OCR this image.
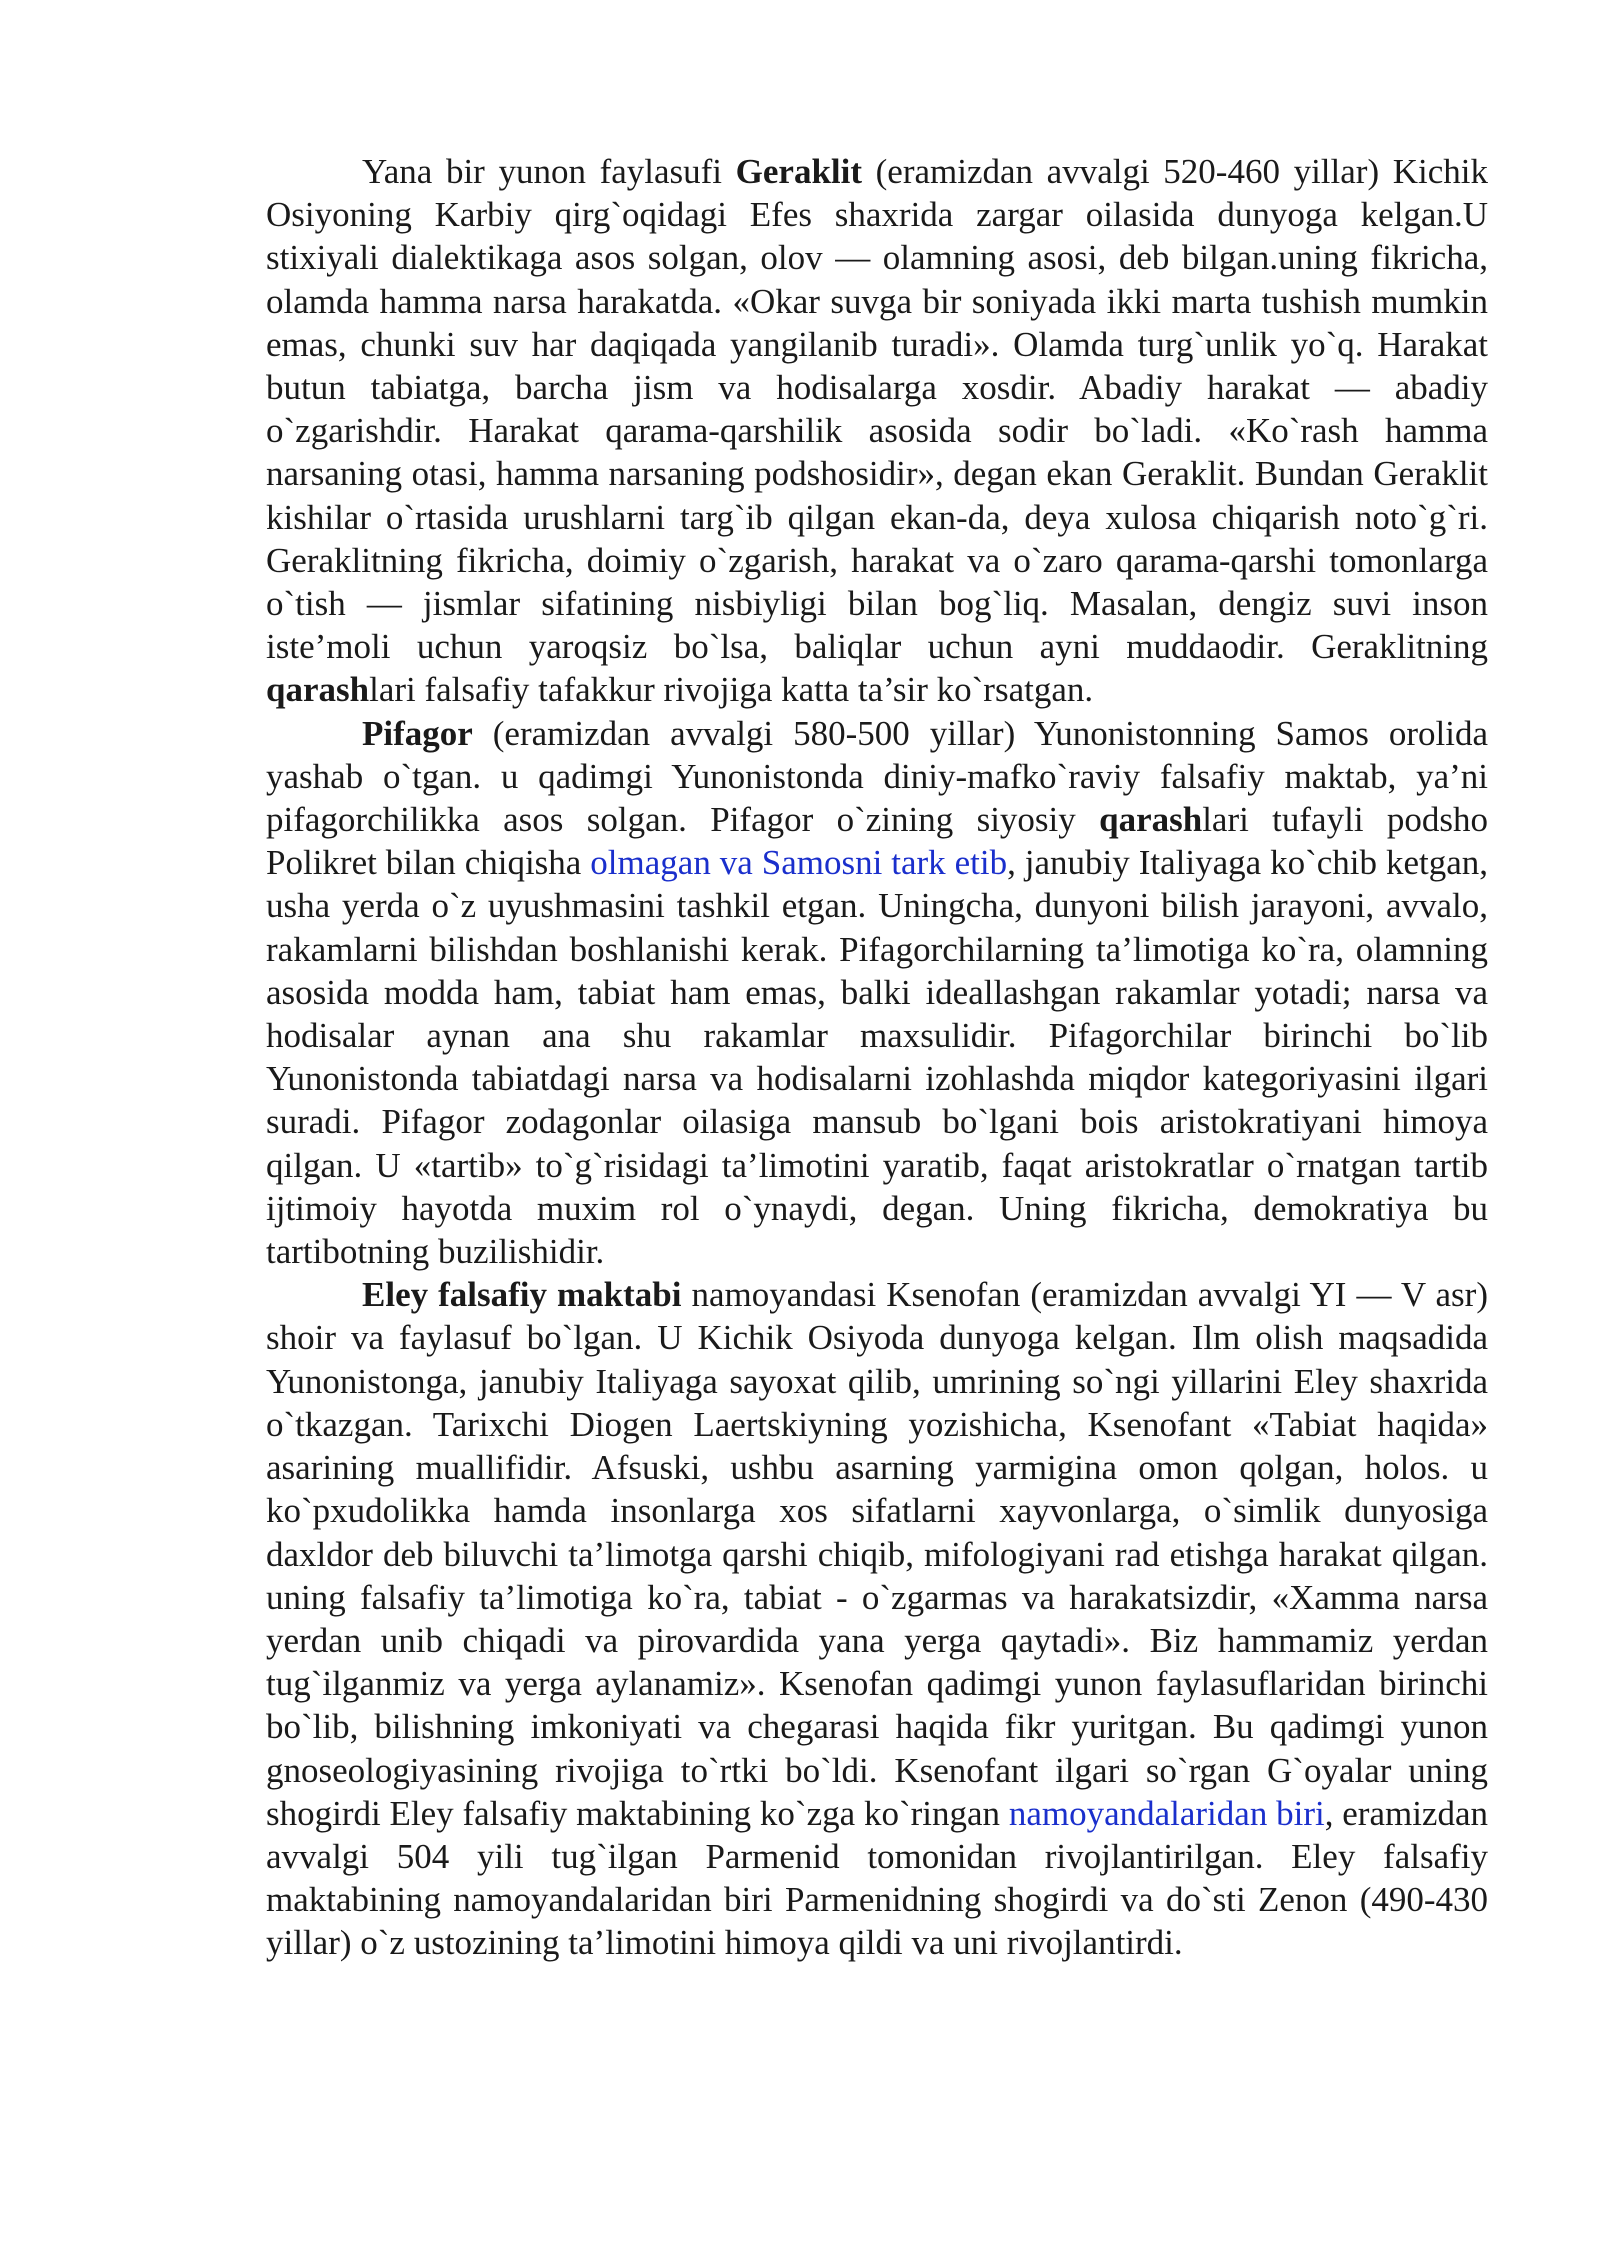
Yana bir yunon faylasufi Geraklit (eramizdan avvalgi 520-460 yillar) Kichik Osiyoning Karbiy qirg`oqidagi Efes shaxrida zargar oilasida dunyoga kelgan.U stixiyali dialektikaga asos solgan, olov — olamning asosi, deb bilgan.uning fikricha, olamda hamma narsa harakatda. «Okar suvga bir soniyada ikki marta tushish mumkin emas, chunki suv har daqiqada yangilanib turadi». Olamda turg`unlik yo`q. Harakat butun tabiatga, barcha jism va hodisalarga xosdir. Abadiy harakat — abadiy o`zgarishdir. Harakat qarama-qarshilik asosida sodir bo`ladi. «Ko`rash hamma narsaning otasi, hamma narsaning podshosidir», degan ekan Geraklit. Bundan Geraklit kishilar o`rtasida urushlarni targ`ib qilgan ekan-da, deya xulosa chiqarish noto`g`ri. Geraklitning fikricha, doimiy o`zgarish, harakat va o`zaro qarama-qarshi tomonlarga o`tish — jismlar sifatining nisbiyligi bilan bog`liq. Masalan, dengiz suvi inson iste’moli uchun yaroqsiz bo`lsa, baliqlar uchun ayni muddaodir. Geraklitning qarashlari falsafiy tafakkur rivojiga katta ta’sir ko`rsatgan.

Pifagor (eramizdan avvalgi 580-500 yillar) Yunonistonning Samos orolida yashab o`tgan. u qadimgi Yunonistonda diniy-mafko`raviy falsafiy maktab, ya’ni pifagorchilikka asos solgan. Pifagor o`zining siyosiy qarashlari tufayli podsho Polikret bilan chiqisha olmagan va Samosni tark etib, janubiy Italiyaga ko`chib ketgan, usha yerda o`z uyushmasini tashkil etgan. Uningcha, dunyoni bilish jarayoni, avvalo, rakamlarni bilishdan boshlanishi kerak. Pifagorchilarning ta’limotiga ko`ra, olamning asosida modda ham, tabiat ham emas, balki ideallashgan rakamlar yotadi; narsa va hodisalar aynan ana shu rakamlar maxsulidir. Pifagorchilar birinchi bo`lib Yunonistonda tabiatdagi narsa va hodisalarni izohlashda miqdor kategoriyasini ilgari suradi. Pifagor zodagonlar oilasiga mansub bo`lgani bois aristokratiyani himoya qilgan. U «tartib» to`g`risidagi ta’limotini yaratib, faqat aristokratlar o`rnatgan tartib ijtimoiy hayotda muxim rol o`ynaydi, degan. Uning fikricha, demokratiya bu tartibotning buzilishidir.

Eley falsafiy maktabi namoyandasi Ksenofan (eramizdan avvalgi YI — V asr) shoir va faylasuf bo`lgan. U Kichik Osiyoda dunyoga kelgan. Ilm olish maqsadida Yunonistonga, janubiy Italiyaga sayoxat qilib, umrining so`ngi yillarini Eley shaxrida o`tkazgan. Tarixchi Diogen Laertskiyning yozishicha, Ksenofant «Tabiat haqida» asarining muallifidir. Afsuski, ushbu asarning yarmigina omon qolgan, holos. u ko`pxudolikka hamda insonlarga xos sifatlarni xayvonlarga, o`simlik dunyosiga daxldor deb biluvchi ta’limotga qarshi chiqib, mifologiyani rad etishga harakat qilgan. uning falsafiy ta’limotiga ko`ra, tabiat - o`zgarmas va harakatsizdir, «Xamma narsa yerdan unib chiqadi va pirovardida yana yerga qaytadi». Biz hammamiz yerdan tug`ilganmiz va yerga aylanamiz». Ksenofan qadimgi yunon faylasuflaridan birinchi bo`lib, bilishning imkoniyati va chegarasi haqida fikr yuritgan. Bu qadimgi yunon gnoseologiyasining rivojiga to`rtki bo`ldi. Ksenofant ilgari so`rgan G`oyalar uning shogirdi Eley falsafiy maktabining ko`zga ko`ringan namoyandalaridan biri, eramizdan avvalgi 504 yili tug`ilgan Parmenid tomonidan rivojlantirilgan. Eley falsafiy maktabining namoyandalaridan biri Parmenidning shogirdi va do`sti Zenon (490-430 yillar) o`z ustozining ta’limotini himoya qildi va uni rivojlantirdi.
